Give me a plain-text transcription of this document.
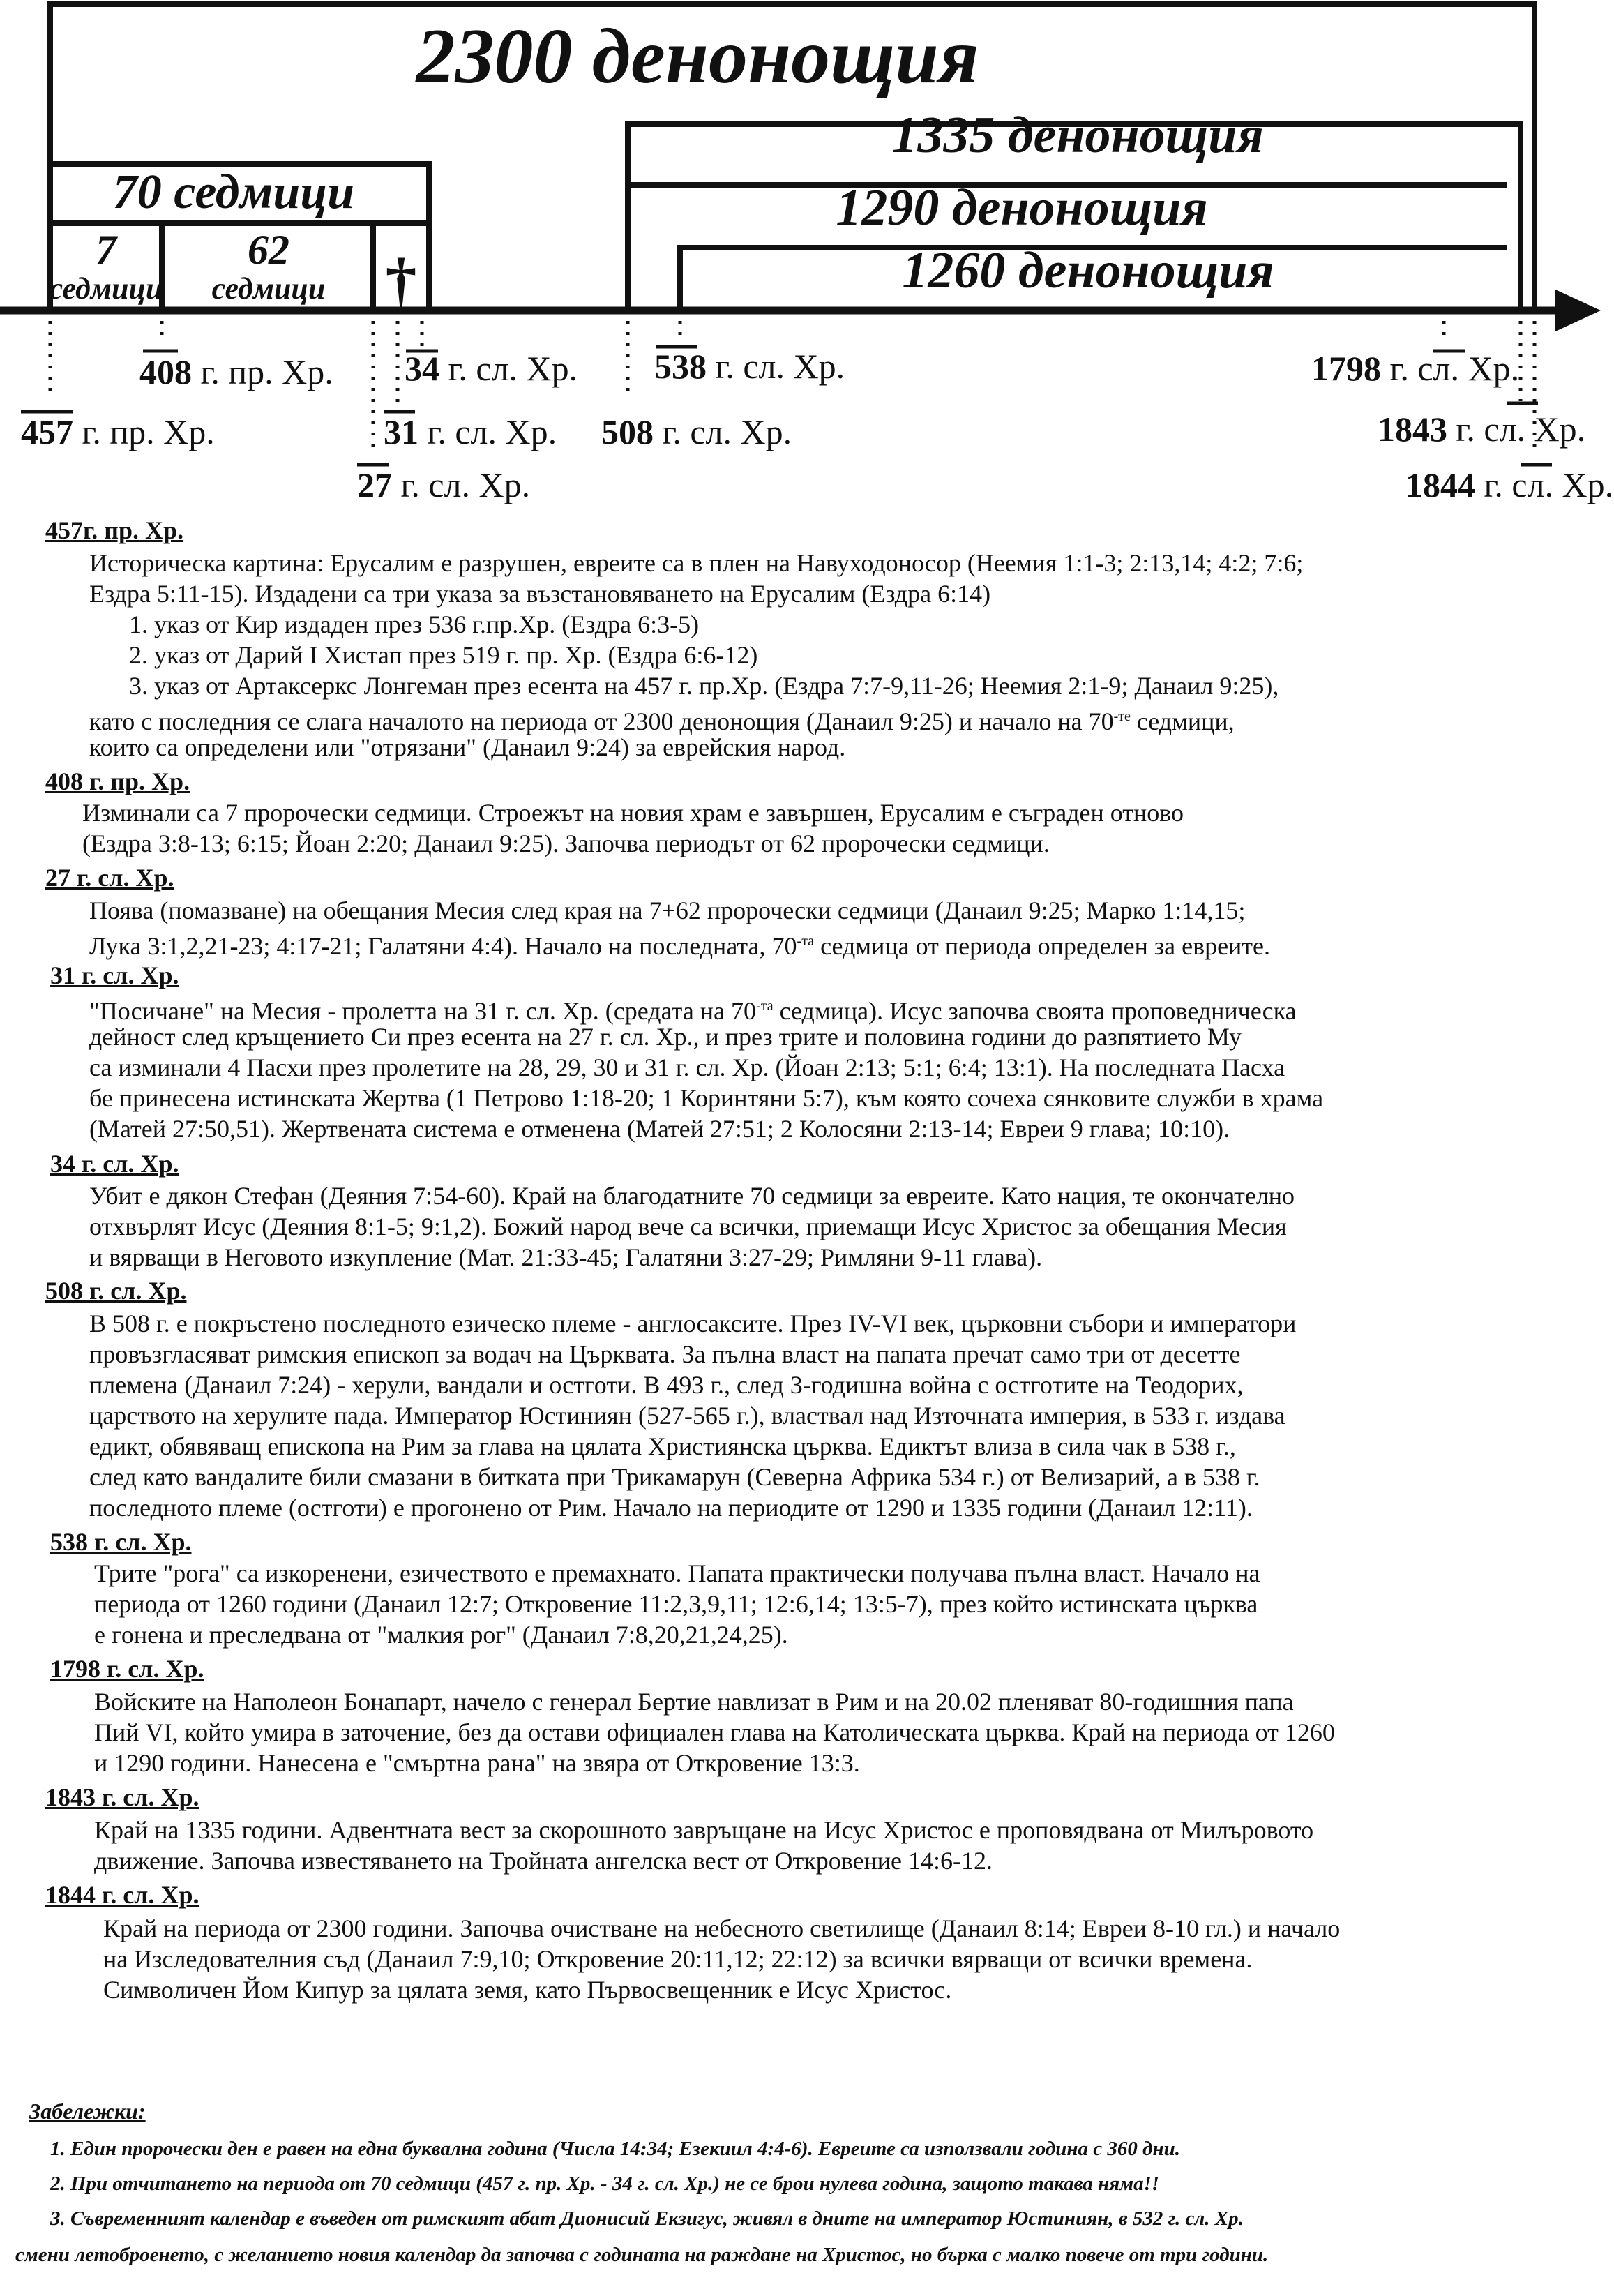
2300 денонощия
1335 денонощия
1290 денонощия
1260 денонощия
70 седмици
7
седмици
62
седмици †
408 г. пр. Хр.
457 г. пр. Хр.
34 г. сл. Хр.
31 г. сл. Хр.
27 г. сл. Хр.
538 г. сл. Хр.
508 г. сл. Хр.
1798 г. сл. Хр.
1843 г. сл. Хр.
1844 г. сл. Хр.
457г. пр. Хр.
Историческа картина: Ерусалим е разрушен, евреите са в плен на Навуходоносор (Неемия 1:1-3; 2:13,14; 4:2; 7:6;
Ездра 5:11-15). Издадени са три указа за възстановяването на Ерусалим (Ездра 6:14)
1. указ от Кир издаден през 536 г.пр.Хр. (Ездра 6:3-5)
2. указ от Дарий I Хистап през 519 г. пр. Хр. (Ездра 6:6-12)
3. указ от Артаксеркс Лонгеман през есента на 457 г. пр.Хр. (Ездра 7:7-9,11-26; Неемия 2:1-9; Данаил 9:25),
като с последния се слага началото на периода от 2300 денонощия (Данаил 9:25) и начало на $70^{-те}$ седмици,
които са определени или "отрязани" (Данаил 9:24) за еврейския народ.
408 г. пр. Хр.
Изминали са 7 пророчески седмици. Строежът на новия храм е завършен, Ерусалим е съграден отново
(Ездра 3:8-13; 6:15; Йоан 2:20; Данаил 9:25). Започва периодът от 62 пророчески седмици.
27 г. сл. Хр.
Поява (помазване) на обещания Месия след края на 7+62 пророчески седмици (Данаил 9:25; Марко 1:14,15;
Лука 3:1,2,21-23; 4:17-21; Галатяни 4:4). Начало на последната, $70^{-та}$ седмица от периода определен за евреите.
31 г. сл. Хр.
"Посичане" на Месия - пролетта на 31 г. сл. Хр. (средата на $70^{-та}$ седмица). Исус започва своята проповедническа
дейност след кръщението Си през есента на 27 г. сл. Хр., и през трите и половина години до разпятието Му
са изминали 4 Пасхи през пролетите на 28, 29, 30 и 31 г. сл. Хр. (Йоан 2:13; 5:1; 6:4; 13:1). На последната Пасха
бе принесена истинската Жертва (1 Петрово 1:18-20; 1 Коринтяни 5:7), към която сочеха сянковите служби в храма
(Матей 27:50,51). Жертвената система е отменена (Матей 27:51; 2 Колосяни 2:13-14; Евреи 9 глава; 10:10).
34 г. сл. Хр.
Убит е дякон Стефан (Деяния 7:54-60). Край на благодатните 70 седмици за евреите. Като нация, те окончателно
отхвърлят Исус (Деяния 8:1-5; 9:1,2). Божий народ вече са всички, приемащи Исус Христос за обещания Месия
и вярващи в Неговото изкупление (Мат. 21:33-45; Галатяни 3:27-29; Римляни 9-11 глава).
508 г. сл. Хр.
В 508 г. е покръстено последното езическо племе - англосаксите. През IV-VI век, църковни събори и императори
провъзгласяват римския епископ за водач на Църквата. За пълна власт на папата пречат само три от десетте
племена (Данаил 7:24) - херули, вандали и остготи. В 493 г., след 3-годишна война с остготите на Теодорих,
царството на херулите пада. Император Юстиниян (527-565 г.), властвал над Източната империя, в 533 г. издава
едикт, обявяващ епископа на Рим за глава на цялата Християнска църква. Едиктът влиза в сила чак в 538 г.,
след като вандалите били смазани в битката при Трикамарун (Северна Африка 534 г.) от Велизарий, а в 538 г.
последното племе (остготи) е прогонено от Рим. Начало на периодите от 1290 и 1335 години (Данаил 12:11).
538 г. сл. Хр.
Трите "рога" са изкоренени, езичеството е премахнато. Папата практически получава пълна власт. Начало на
периода от 1260 години (Данаил 12:7; Откровение 11:2,3,9,11; 12:6,14; 13:5-7), през който истинската църква
е гонена и преследвана от "малкия рог" (Данаил 7:8,20,21,24,25).
1798 г. сл. Хр.
Войските на Наполеон Бонапарт, начело с генерал Бертие навлизат в Рим и на 20.02 пленяват 80-годишния папа
Пий VI, който умира в заточение, без да остави официален глава на Католическата църква. Край на периода от 1260
и 1290 години. Нанесена е "смъртна рана" на звяра от Откровение 13:3.
1843 г. сл. Хр.
Край на 1335 години. Адвентната вест за скорошното завръщане на Исус Христос е проповядвана от Милъровото
движение. Започва известяването на Тройната ангелска вест от Откровение 14:6-12.
1844 г. сл. Хр.
Край на периода от 2300 години. Започва очистване на небесното светилище (Данаил 8:14; Евреи 8-10 гл.) и начало
на Изследователния съд (Данаил 7:9,10; Откровение 20:11,12; 22:12) за всички вярващи от всички времена.
Символичен Йом Кипур за цялата земя, като Първосвещенник е Исус Христос.
Забележки:
1. Един пророчески ден е равен на една буквална година (Числа 14:34; Езекиил 4:4-6). Евреите са използвали година с 360 дни.
2. При отчитането на периода от 70 седмици (457 г. пр. Хр. - 34 г. сл. Хр.) не се брои нулева година, защото такава няма!!
3. Съвременният календар е въведен от римският абат Дионисий Екзигус, живял в дните на император Юстиниян, в 532 г. сл. Хр.
смени летоброенето, с желанието новия календар да започва с годината на раждане на Христос, но бърка с малко повече от три години.
